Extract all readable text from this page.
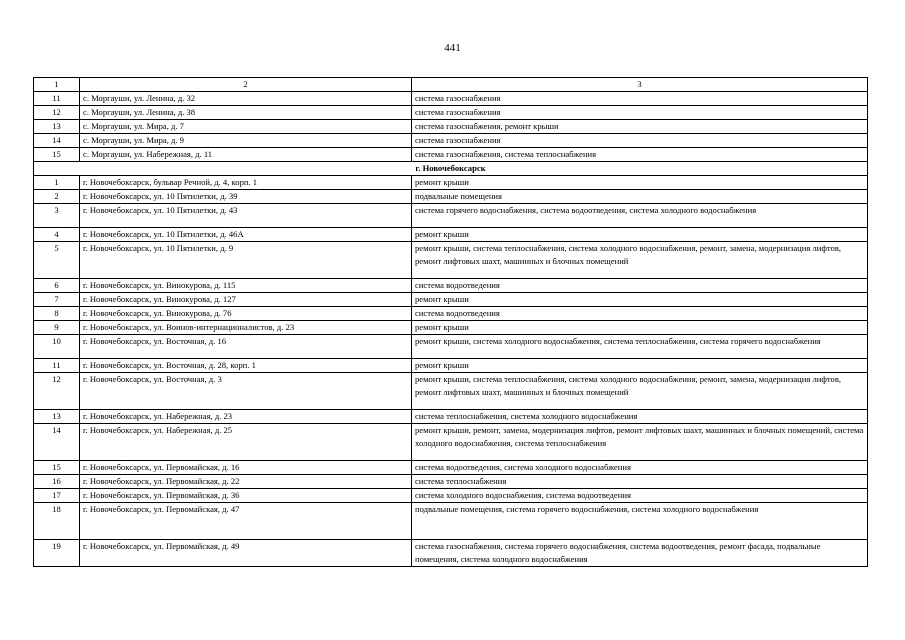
441
1	2	3
11	с. Моргауши, ул. Ленина, д. 32	система газоснабжения
12	с. Моргауши, ул. Ленина, д. 38	система газоснабжения
13	с. Моргауши, ул. Мира, д. 7	система газоснабжения, ремонт крыши
14	с. Моргауши, ул. Мира, д. 9	система газоснабжения
15	с. Моргауши, ул. Набережная, д. 11	система газоснабжения, система теплоснабжения
г. Новочебоксарск		
1	г. Новочебоксарск, бульвар Речной, д. 4, корп. 1	ремонт крыши
2	г. Новочебоксарск, ул. 10 Пятилетки, д. 39	подвальные помещения
3	г. Новочебоксарск, ул. 10 Пятилетки, д. 43	система горячего водоснабжения, система водоотведения, система холодного водоснабжения
4	г. Новочебоксарск, ул. 10 Пятилетки, д. 46А	ремонт крыши
5	г. Новочебоксарск, ул. 10 Пятилетки, д. 9	ремонт крыши, система теплоснабжения, система холодного водоснабжения, ремонт, замена, модернизация лифтов, ремонт лифтовых шахт, машинных и блочных помещений
6	г. Новочебоксарск, ул. Винокурова, д. 115	система водоотведения
7	г. Новочебоксарск, ул. Винокурова, д. 127	ремонт крыши
8	г. Новочебоксарск, ул. Винокурова, д. 76	система водоотведения
9	г. Новочебоксарск, ул. Воинов-интернационалистов, д. 23	ремонт крыши
10	г. Новочебоксарск, ул. Восточная, д. 16	ремонт крыши, система холодного водоснабжения, система теплоснабжения, система горячего водоснабжения
11	г. Новочебоксарск, ул. Восточная, д. 28, корп. 1	ремонт крыши
12	г. Новочебоксарск, ул. Восточная, д. 3	ремонт крыши, система теплоснабжения, система холодного водоснабжения, ремонт, замена, модернизация лифтов, ремонт лифтовых шахт, машинных и блочных помещений
13	г. Новочебоксарск, ул. Набережная, д. 23	система теплоснабжения, система холодного водоснабжения
14	г. Новочебоксарск, ул. Набережная, д. 25	ремонт крыши, ремонт, замена, модернизация лифтов, ремонт лифтовых шахт, машинных и блочных помещений, система холодного водоснабжения, система теплоснабжения
15	г. Новочебоксарск, ул. Первомайская, д. 16	система водоотведения, система холодного водоснабжения
16	г. Новочебоксарск, ул. Первомайская, д. 22	система теплоснабжения
17	г. Новочебоксарск, ул. Первомайская, д. 36	система холодного водоснабжения, система водоотведения
18	г. Новочебоксарск, ул. Первомайская, д. 47	подвальные помещения, система горячего водоснабжения, система холодного водоснабжения
19	г. Новочебоксарск, ул. Первомайская, д. 49	система газоснабжения, система горячего водоснабжения, система водоотведения, ремонт фасада, подвальные помещения, система холодного водоснабжения
